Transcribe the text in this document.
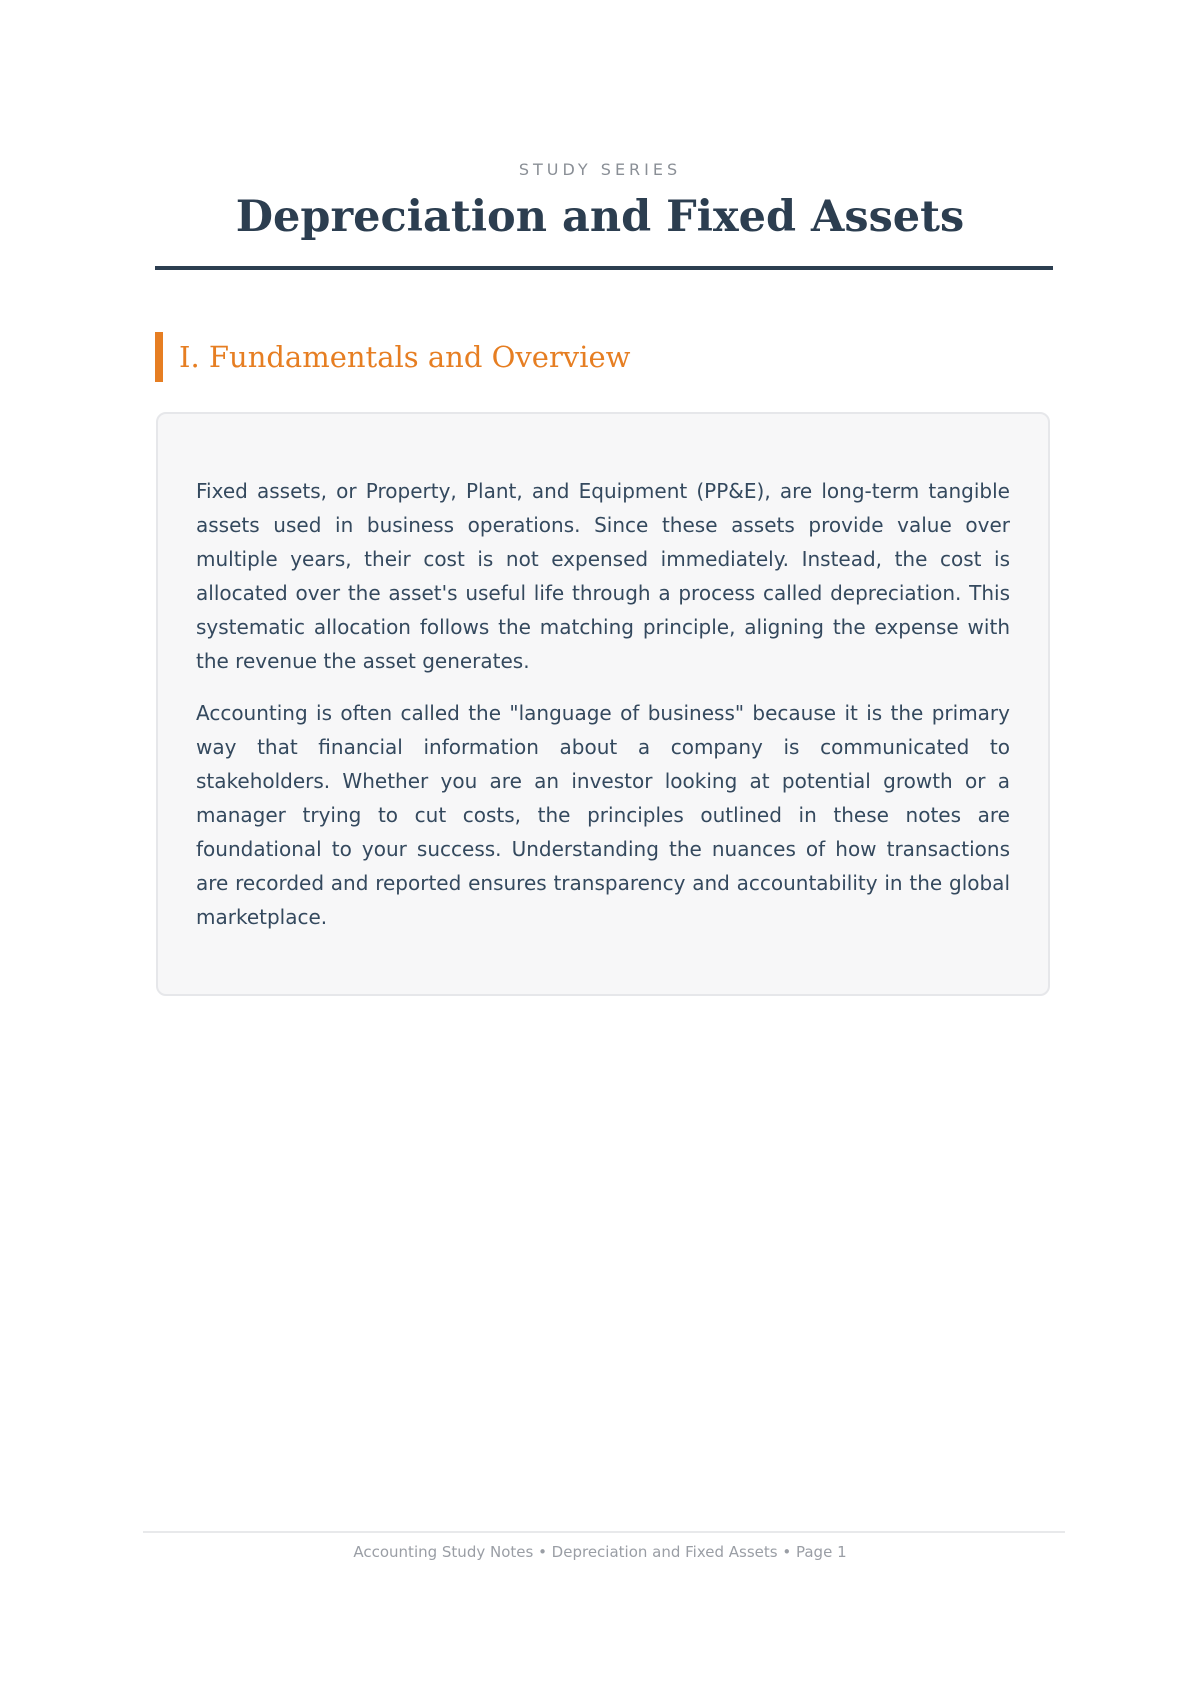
STUDY SERIES
Depreciation and Fixed Assets
I. Fundamentals and Overview

Fixed assets, or Property, Plant, and Equipment (PP&E), are long-term tangible assets used in business operations. Since these assets provide value over multiple years, their cost is not expensed immediately. Instead, the cost is allocated over the asset's useful life through a process called depreciation. This systematic allocation follows the matching principle, aligning the expense with the revenue the asset generates.

Accounting is often called the "language of business" because it is the primary way that financial information about a company is communicated to stakeholders. Whether you are an investor looking at potential growth or a manager trying to cut costs, the principles outlined in these notes are foundational to your success. Understanding the nuances of how transactions are recorded and reported ensures transparency and accountability in the global marketplace.

Accounting Study Notes • Depreciation and Fixed Assets • Page 1
